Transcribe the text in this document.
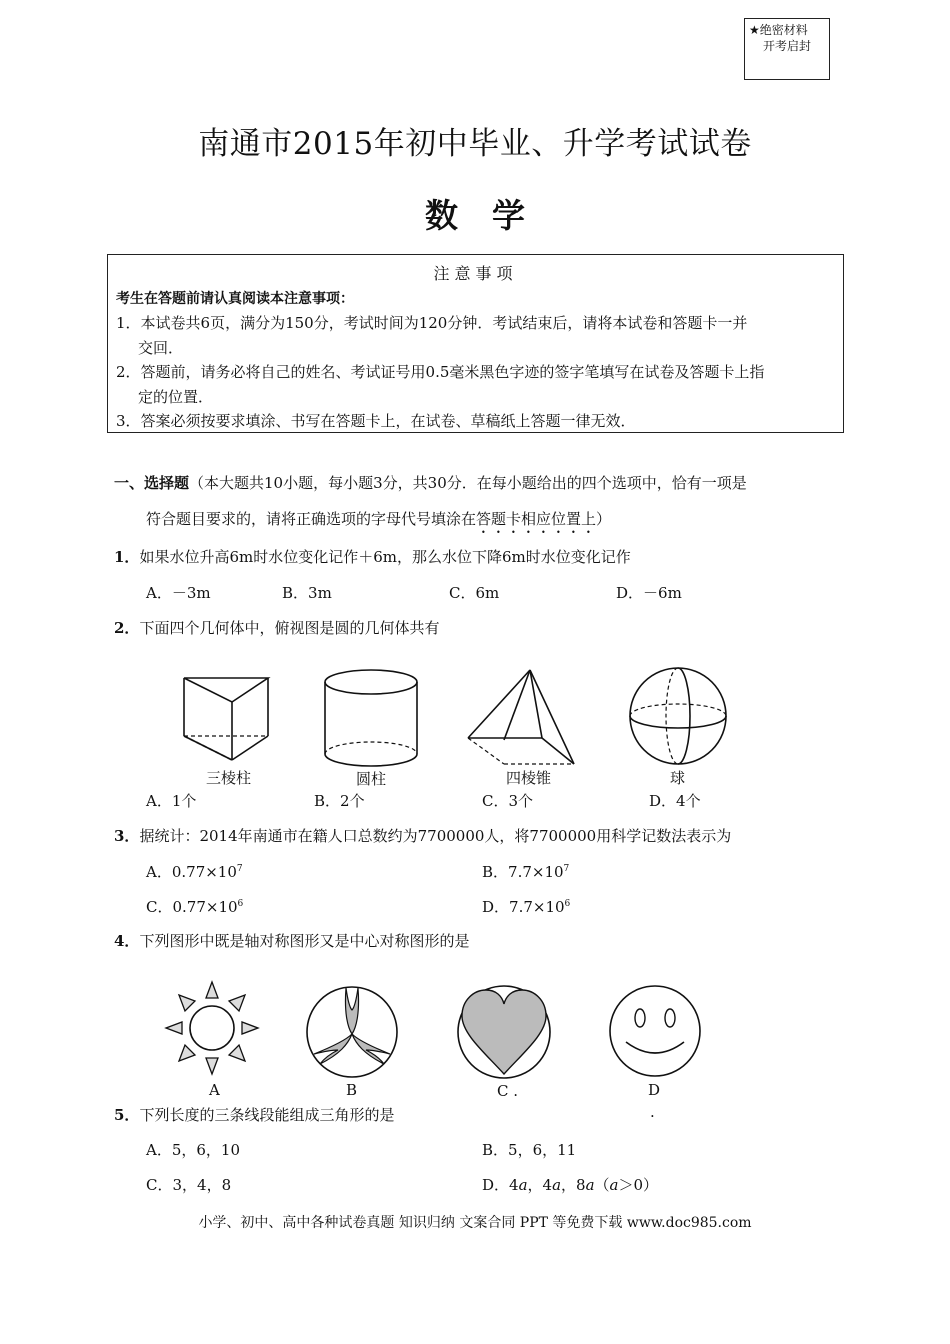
★绝密材料
开考启封
南通市2015年初中毕业、升学考试试卷
数学
注意事项
考生在答题前请认真阅读本注意事项：
1．本试卷共6页，满分为150分，考试时间为120分钟．考试结束后，请将本试卷和答题卡一并
交回．
2．答题前，请务必将自己的姓名、考试证号用0.5毫米黑色字迹的签字笔填写在试卷及答题卡上指
定的位置．
3．答案必须按要求填涂、书写在答题卡上，在试卷、草稿纸上答题一律无效．
一、选择题（本大题共10小题，每小题3分，共30分．在每小题给出的四个选项中，恰有一项是
符合题目要求的，请将正确选项的字母代号填涂在答题卡相应位置上）
1．如果水位升高6m时水位变化记作＋6m，那么水位下降6m时水位变化记作
A．－3m	B．3m	C．6m	D．－6m
2．下面四个几何体中，俯视图是圆的几何体共有
三棱柱	圆柱	四棱锥	球
A．1个	B．2个	C．3个	D．4个
3．据统计：2014年南通市在籍人口总数约为7700000人，将7700000用科学记数法表示为
A．$0.77\times 10^7$	B．$7.7\times 10^7$
C．$0.77\times 10^6$	D．$7.7\times 10^6$
4．下列图形中既是轴对称图形又是中心对称图形的是
A	B	C .	D
.
5．下列长度的三条线段能组成三角形的是
A．5，6，10	B．5，6，11
C．3，4，8	D．4a，4a，8a（a＞0）
小学、初中、高中各种试卷真题 知识归纳 文案合同 PPT 等免费下载 www.doc985.com
